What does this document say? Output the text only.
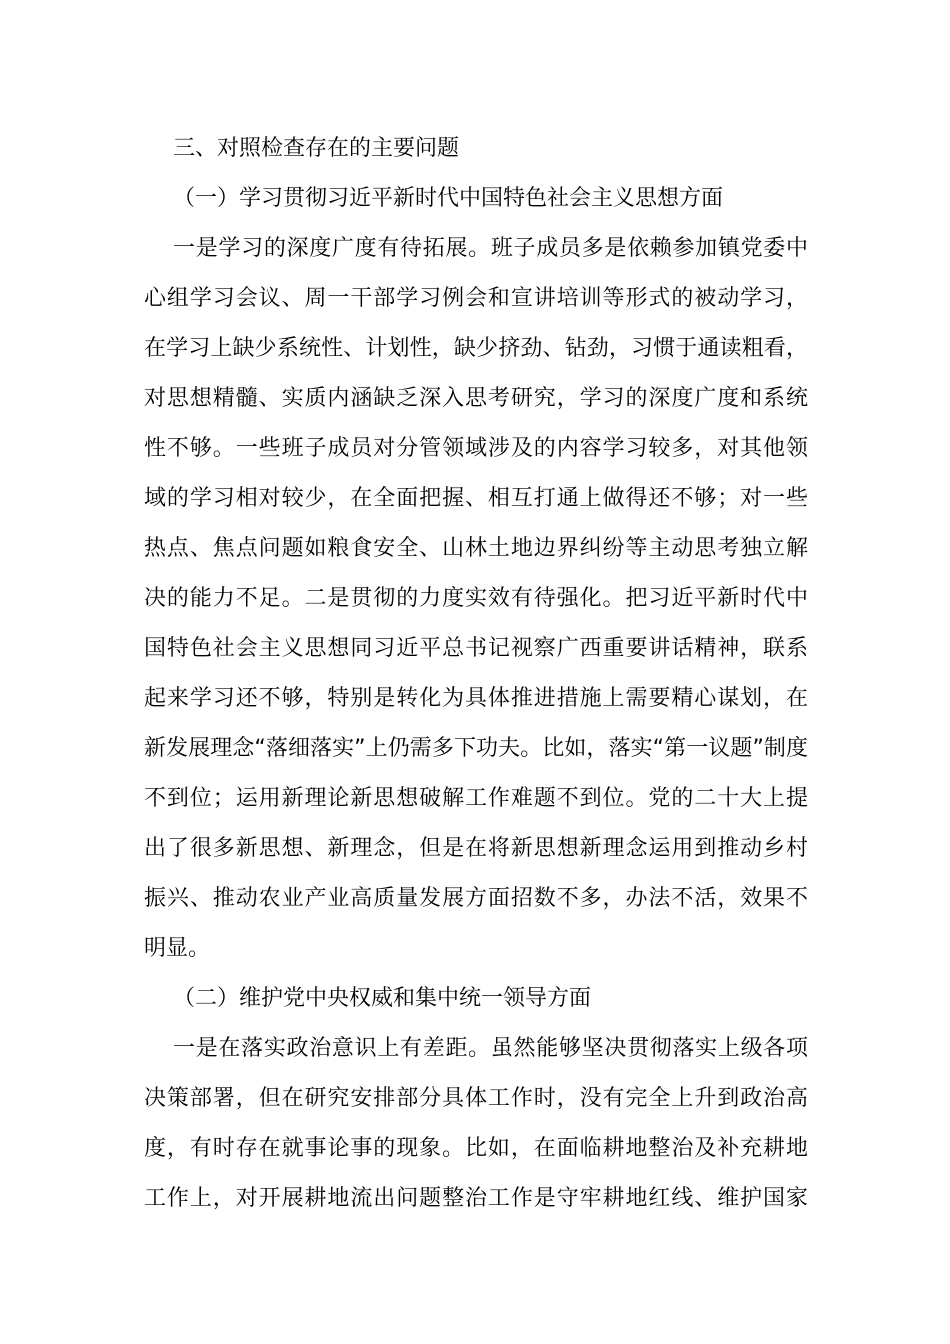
三、对照检查存在的主要问题
（一）学习贯彻习近平新时代中国特色社会主义思想方面
一是学习的深度广度有待拓展。班子成员多是依赖参加镇党委中
心组学习会议、周一干部学习例会和宣讲培训等形式的被动学习，
在学习上缺少系统性、计划性，缺少挤劲、钻劲，习惯于通读粗看，
对思想精髓、实质内涵缺乏深入思考研究，学习的深度广度和系统
性不够。一些班子成员对分管领域涉及的内容学习较多，对其他领
域的学习相对较少，在全面把握、相互打通上做得还不够；对一些
热点、焦点问题如粮食安全、山林土地边界纠纷等主动思考独立解
决的能力不足。二是贯彻的力度实效有待强化。把习近平新时代中
国特色社会主义思想同习近平总书记视察广西重要讲话精神，联系
起来学习还不够，特别是转化为具体推进措施上需要精心谋划，在
新发展理念“落细落实”上仍需多下功夫。比如，落实“第一议题”制度
不到位；运用新理论新思想破解工作难题不到位。党的二十大上提
出了很多新思想、新理念，但是在将新思想新理念运用到推动乡村
振兴、推动农业产业高质量发展方面招数不多，办法不活，效果不
明显。
（二）维护党中央权威和集中统一领导方面
一是在落实政治意识上有差距。虽然能够坚决贯彻落实上级各项
决策部署，但在研究安排部分具体工作时，没有完全上升到政治高
度，有时存在就事论事的现象。比如，在面临耕地整治及补充耕地
工作上，对开展耕地流出问题整治工作是守牢耕地红线、维护国家
